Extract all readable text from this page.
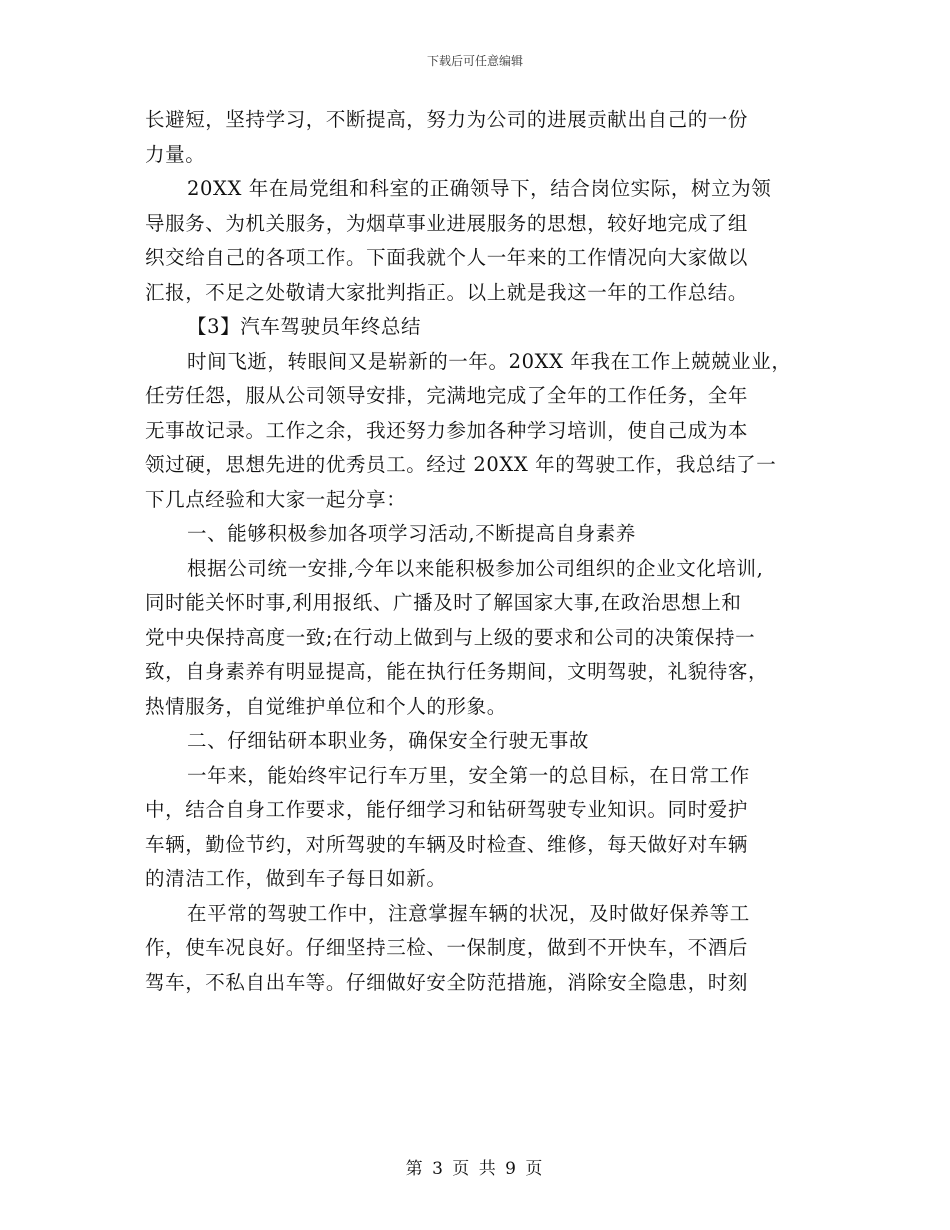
下载后可任意编辑
长避短，坚持学习，不断提高，努力为公司的进展贡献出自己的一份
力量。
20XX 年在局党组和科室的正确领导下，结合岗位实际，树立为领
导服务、为机关服务，为烟草事业进展服务的思想，较好地完成了组
织交给自己的各项工作。下面我就个人一年来的工作情况向大家做以
汇报，不足之处敬请大家批判指正。以上就是我这一年的工作总结。
【3】汽车驾驶员年终总结
时间飞逝，转眼间又是崭新的一年。20XX 年我在工作上兢兢业业，
任劳任怨，服从公司领导安排，完满地完成了全年的工作任务，全年
无事故记录。工作之余，我还努力参加各种学习培训，使自己成为本
领过硬，思想先进的优秀员工。经过 20XX 年的驾驶工作，我总结了一
下几点经验和大家一起分享：
一、能够积极参加各项学习活动,不断提高自身素养
根据公司统一安排,今年以来能积极参加公司组织的企业文化培训,
同时能关怀时事,利用报纸、广播及时了解国家大事,在政治思想上和
党中央保持高度一致;在行动上做到与上级的要求和公司的决策保持一
致，自身素养有明显提高，能在执行任务期间，文明驾驶，礼貌待客，
热情服务，自觉维护单位和个人的形象。
二、仔细钻研本职业务，确保安全行驶无事故
一年来，能始终牢记行车万里，安全第一的总目标，在日常工作
中，结合自身工作要求，能仔细学习和钻研驾驶专业知识。同时爱护
车辆，勤俭节约，对所驾驶的车辆及时检查、维修，每天做好对车辆
的清洁工作，做到车子每日如新。
在平常的驾驶工作中，注意掌握车辆的状况，及时做好保养等工
作，使车况良好。仔细坚持三检、一保制度，做到不开快车，不酒后
驾车，不私自出车等。仔细做好安全防范措施，消除安全隐患，时刻
第 3 页 共 9 页
